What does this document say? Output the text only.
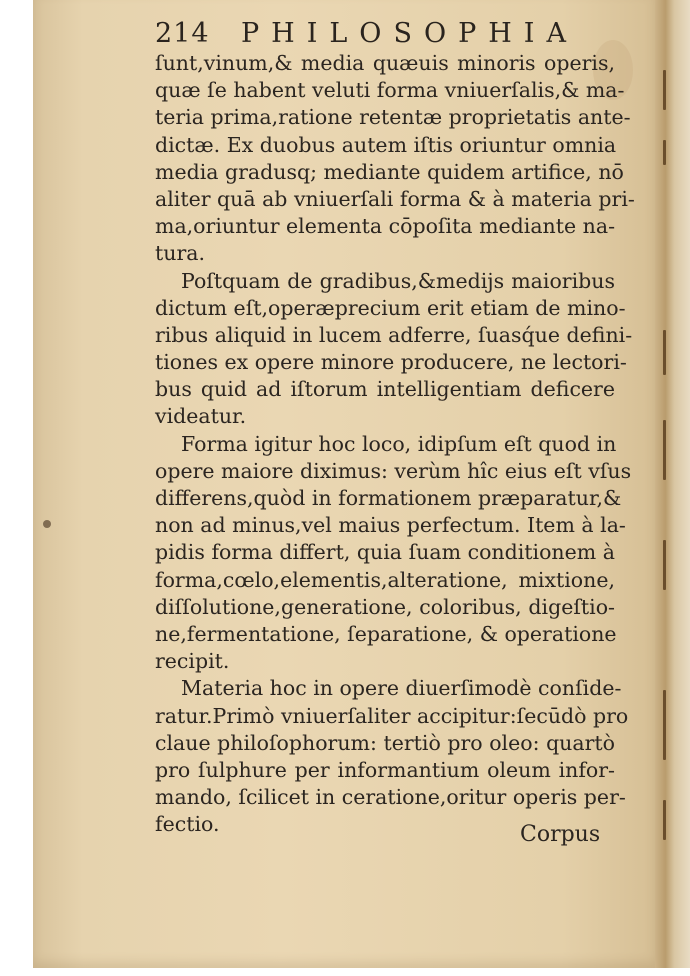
214 PHILOSOPHIA
ſunt,vinum,& media quæuis minoris operis,
quæ ſe habent veluti forma vniuerſalis,& ma-
teria prima,ratione retentæ proprietatis ante-
dictæ. Ex duobus autem iſtis oriuntur omnia
media gradusq; mediante quidem artifice, nō
aliter quā ab vniuerſali forma & à materia pri-
ma,oriuntur elementa cōpoſita mediante na-
tura.
Poſtquam de gradibus,&medijs maioribus
dictum eſt,operæprecium erit etiam de mino-
ribus aliquid in lucem adferre, ſuasq́ue defini-
tiones ex opere minore producere, ne lectori-
bus quid ad iſtorum intelligentiam deficere
videatur.
Forma igitur hoc loco, idipſum eſt quod in
opere maiore diximus: verùm hîc eius eſt vſus
differens,quòd in formationem præparatur,&
non ad minus,vel maius perfectum. Item à la-
pidis forma differt, quia ſuam conditionem à
forma,cœlo,elementis,alteratione, mixtione,
diſſolutione,generatione, coloribus, digeſtio-
ne,fermentatione, ſeparatione, & operatione
recipit.
Materia hoc in opere diuerſimodè conſide-
ratur.Primò vniuerſaliter accipitur:ſecūdò pro
claue philoſophorum: tertiò pro oleo: quartò
pro ſulphure per informantium oleum infor-
mando, ſcilicet in ceratione,oritur operis per-
fectio.	Corpus
